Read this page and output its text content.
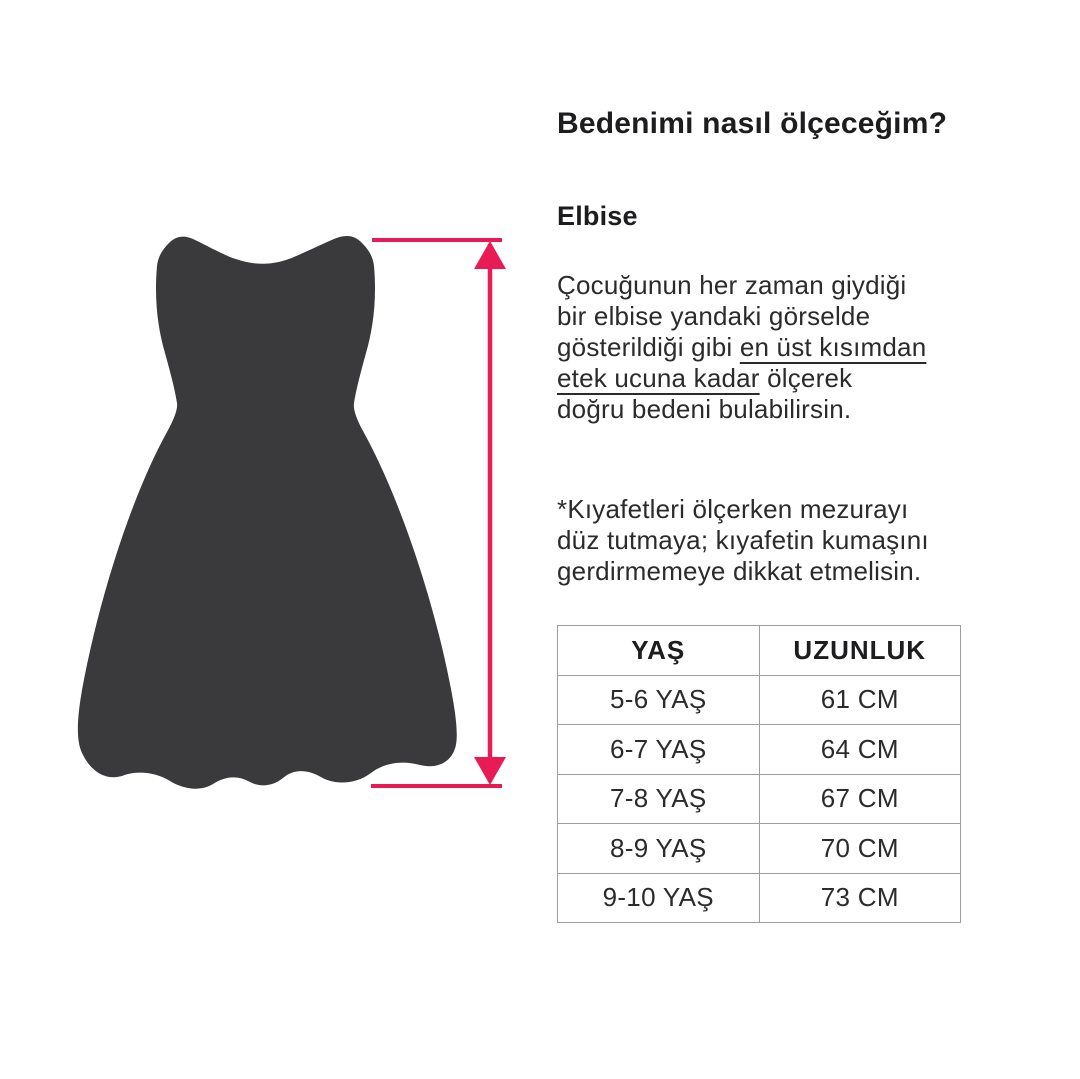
Bedenimi nasıl ölçeceğim?
Elbise
Çocuğunun her zaman giydiği
bir elbise yandaki görselde
gösterildiği gibi en üst kısımdan
etek ucuna kadar ölçerek
doğru bedeni bulabilirsin.
*Kıyafetleri ölçerken mezurayı
düz tutmaya; kıyafetin kumaşını
gerdirmemeye dikkat etmelisin.
YAŞ	UZUNLUK
5-6 YAŞ	61 CM
6-7 YAŞ	64 CM
7-8 YAŞ	67 CM
8-9 YAŞ	70 CM
9-10 YAŞ	73 CM
